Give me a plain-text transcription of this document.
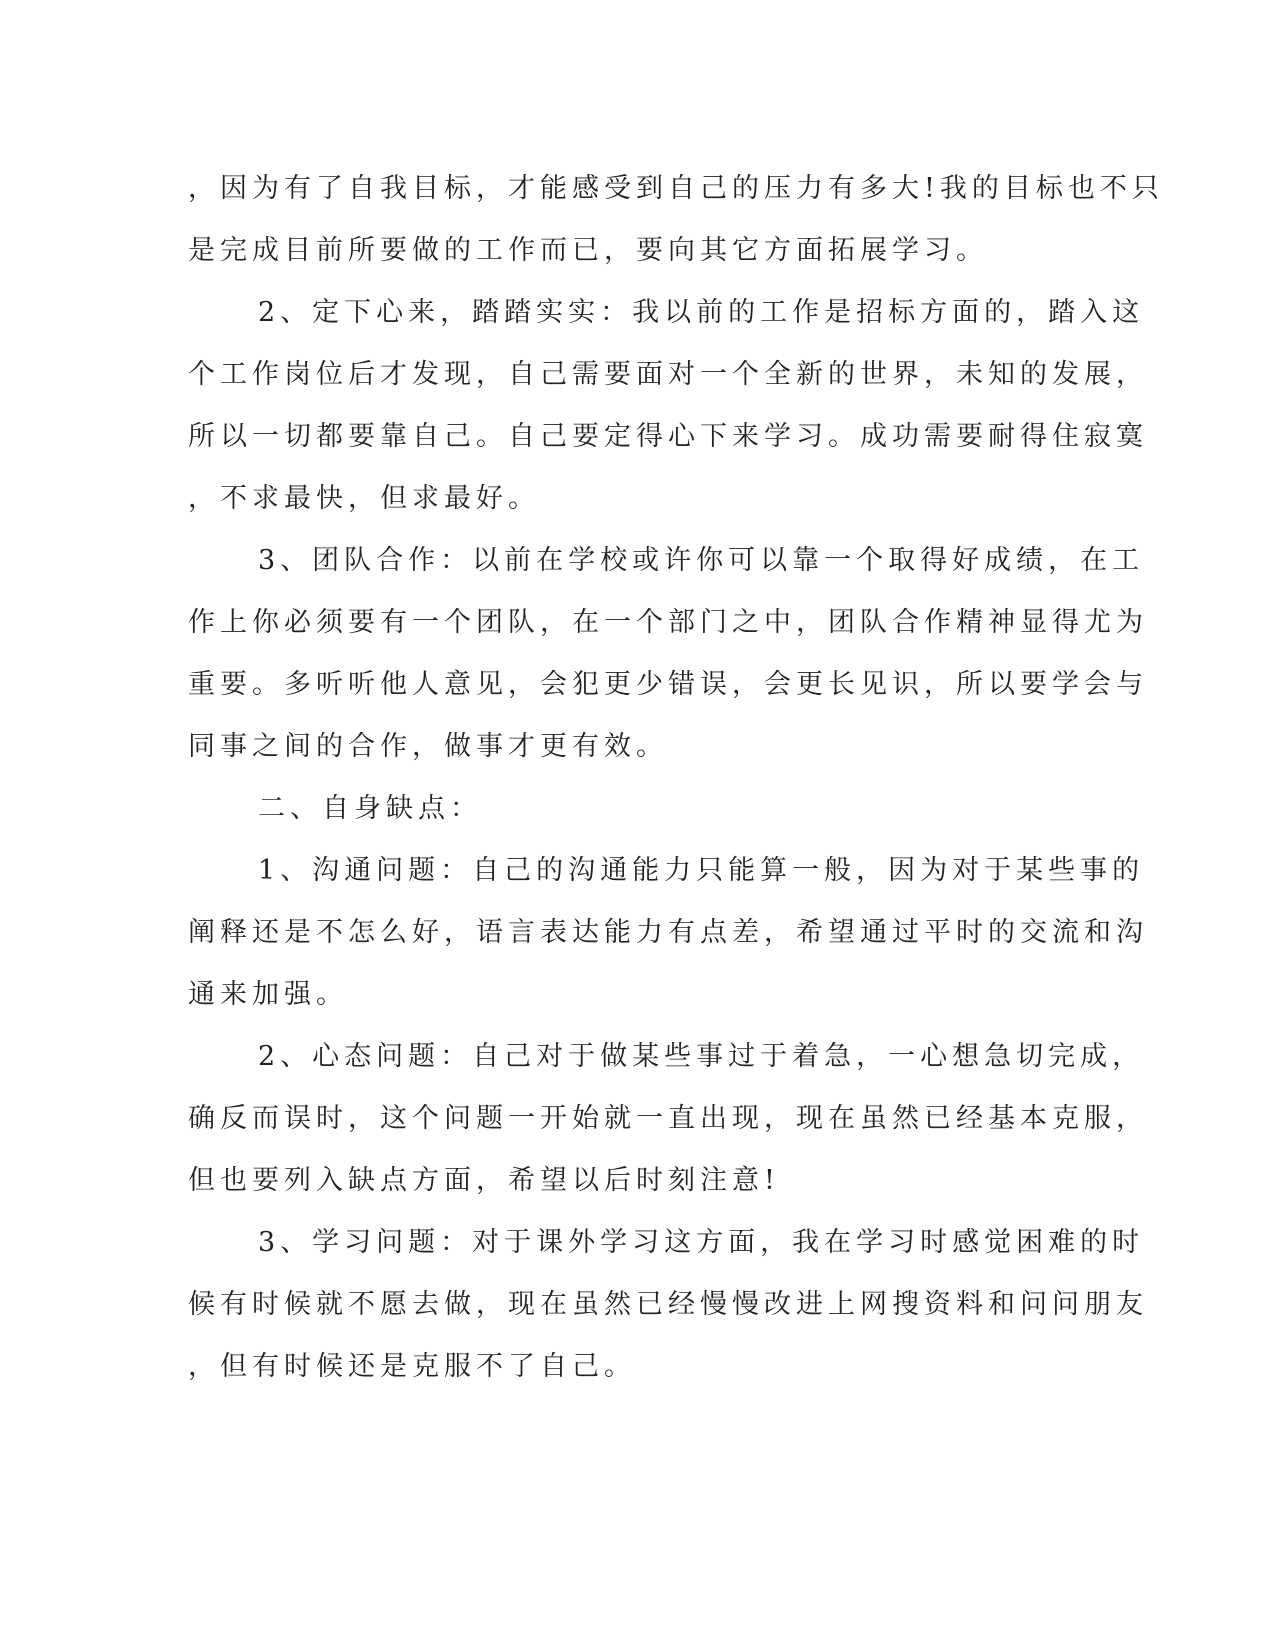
，因为有了自我目标，才能感受到自己的压力有多大!我的目标也不只
是完成目前所要做的工作而已，要向其它方面拓展学习。
2、定下心来，踏踏实实：我以前的工作是招标方面的，踏入这
个工作岗位后才发现，自己需要面对一个全新的世界，未知的发展，
所以一切都要靠自己。自己要定得心下来学习。成功需要耐得住寂寞
，不求最快，但求最好。
3、团队合作：以前在学校或许你可以靠一个取得好成绩，在工
作上你必须要有一个团队，在一个部门之中，团队合作精神显得尤为
重要。多听听他人意见，会犯更少错误，会更长见识，所以要学会与
同事之间的合作，做事才更有效。
二、自身缺点：
1、沟通问题：自己的沟通能力只能算一般，因为对于某些事的
阐释还是不怎么好，语言表达能力有点差，希望通过平时的交流和沟
通来加强。
2、心态问题：自己对于做某些事过于着急，一心想急切完成，
确反而误时，这个问题一开始就一直出现，现在虽然已经基本克服，
但也要列入缺点方面，希望以后时刻注意!
3、学习问题：对于课外学习这方面，我在学习时感觉困难的时
候有时候就不愿去做，现在虽然已经慢慢改进上网搜资料和问问朋友
，但有时候还是克服不了自己。
